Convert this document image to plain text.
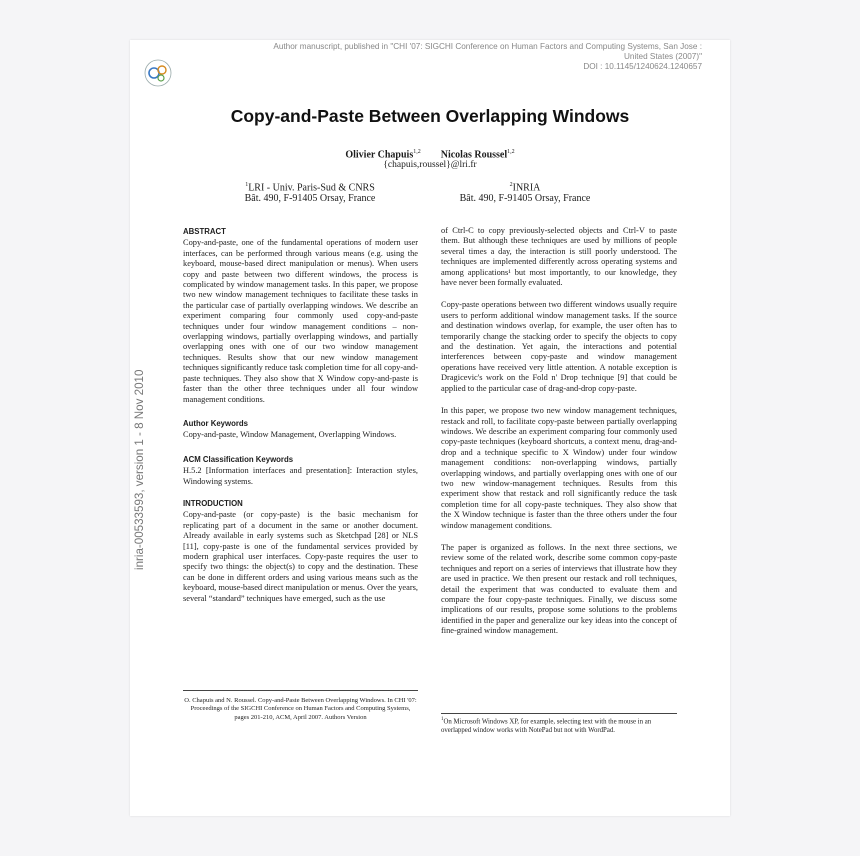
Author manuscript, published in "CHI '07: SIGCHI Conference on Human Factors and Computing Systems, San Jose : United States (2007)"
DOI : 10.1145/1240624.1240657
inria-00533593, version 1 - 8 Nov 2010
Copy-and-Paste Between Overlapping Windows
Olivier Chapuis$^{1,2}$ Nicolas Roussel$^{1,2}$
{chapuis,roussel}@lri.fr
$^1$LRI - Univ. Paris-Sud & CNRS
Bât. 490, F-91405 Orsay, France
$^2$INRIA
Bât. 490, F-91405 Orsay, France
ABSTRACT

Copy-and-paste, one of the fundamental operations of modern user interfaces, can be performed through various means (e.g. using the keyboard, mouse-based direct manipulation or menus). When users copy and paste between two different windows, the process is complicated by window management tasks. In this paper, we propose two new window management techniques to facilitate these tasks in the particular case of partially overlapping windows. We describe an experiment comparing four commonly used copy-and-paste techniques under four window management conditions – non-overlapping windows, partially overlapping windows, and partially overlapping ones with one of our two window management techniques. Results show that our new window management techniques significantly reduce task completion time for all copy-and-paste techniques. They also show that X Window copy-and-paste is faster than the other three techniques under all four window management conditions.

Author Keywords

Copy-and-paste, Window Management, Overlapping Windows.

ACM Classification Keywords

H.5.2 [Information interfaces and presentation]: Interaction styles, Windowing systems.

INTRODUCTION

Copy-and-paste (or copy-paste) is the basic mechanism for replicating part of a document in the same or another document. Already available in early systems such as Sketchpad [28] or NLS [11], copy-paste is one of the fundamental services provided by modern graphical user interfaces. Copy-paste requires the user to specify two things: the object(s) to copy and the destination. These can be done in different orders and using various means such as the keyboard, mouse-based direct manipulation or menus. Over the years, several “standard” techniques have emerged, such as the use

O. Chapuis and N. Roussel. Copy-and-Paste Between Overlapping Windows. In CHI '07: Proceedings of the SIGCHI Conference on Human Factors and Computing Systems, pages 201-210, ACM, April 2007. Authors Version

of Ctrl-C to copy previously-selected objects and Ctrl-V to paste them. But although these techniques are used by millions of people several times a day, the interaction is still poorly understood. The techniques are implemented differently across operating systems and among applications¹ but most importantly, to our knowledge, they have never been formally evaluated.

Copy-paste operations between two different windows usually require users to perform additional window management tasks. If the source and destination windows overlap, for example, the user often has to temporarily change the stacking order to specify the objects to copy and the destination. Yet again, the interactions and potential interferences between copy-paste and window management operations have received very little attention. A notable exception is Dragicevic's work on the Fold n' Drop technique [9] that could be applied to the particular case of drag-and-drop copy-paste.

In this paper, we propose two new window management techniques, restack and roll, to facilitate copy-paste between partially overlapping windows. We describe an experiment comparing four commonly used copy-paste techniques (keyboard shortcuts, a context menu, drag-and-drop and a technique specific to X Window) under four window management conditions: non-overlapping windows, partially overlapping windows, and partially overlapping ones with one of our two new window-management techniques. Results from this experiment show that restack and roll significantly reduce the task completion time for all copy-paste techniques. They also show that the X Window technique is faster than the three others under the four window management conditions.

The paper is organized as follows. In the next three sections, we review some of the related work, describe some common copy-paste techniques and report on a series of interviews that illustrate how they are used in practice. We then present our restack and roll techniques, detail the experiment that was conducted to evaluate them and compare the four copy-paste techniques. Finally, we discuss some implications of our results, propose some solutions to the problems identified in the paper and generalize our key ideas into the concept of fine-grained window management.

$^1$On Microsoft Windows XP, for example, selecting text with the mouse in an overlapped window works with NotePad but not with WordPad.
